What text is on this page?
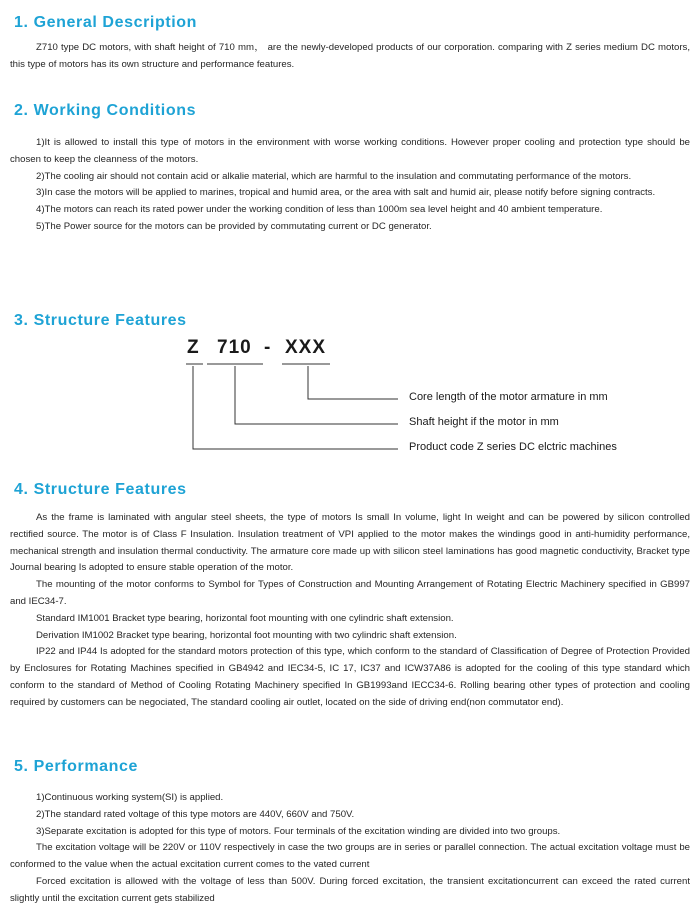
1. General Description

Z710 type DC motors, with shaft height of 710 mm， are the newly-developed products of our corporation. comparing with Z series medium DC motors, this type of motors has its own structure and performance features.

2. Working Conditions

1)It is allowed to install this type of motors in the environment with worse working conditions. However proper cooling and protection type should be chosen to keep the cleanness of the motors.

2)The cooling air should not contain acid or alkalie material, which are harmful to the insulation and commutating performance of the motors.

3)In case the motors will be applied to marines, tropical and humid area, or the area with salt and humid air, please notify before signing contracts.

4)The motors can reach its rated power under the working condition of less than 1000m sea level height and 40 ambient temperature.

5)The Power source for the motors can be provided by commutating current or DC generator.

3. Structure Features
Z 710 - XXX
Core length of the motor armature in mm
Shaft height if the motor in mm
Product code Z series DC elctric machines
4. Structure Features

As the frame is laminated with angular steel sheets, the type of motors Is small In volume, light In weight and can be powered by silicon controlled rectified source. The motor is of Class F Insulation. Insulation treatment of VPI applied to the motor makes the windings good in anti-humidity performance, mechanical strength and insulation thermal conductivity. The armature core made up with silicon steel laminations has good magnetic conductivity, Bracket type Journal bearing Is adopted to ensure stable operation of the motor.

The mounting of the motor conforms to Symbol for Types of Construction and Mounting Arrangement of Rotating Electric Machinery specified in GB997 and IEC34-7.

Standard IM1001 Bracket type bearing, horizontal foot mounting with one cylindric shaft extension.

Derivation IM1002 Bracket type bearing, horizontal foot mounting with two cylindric shaft extension.

IP22 and IP44 Is adopted for the standard motors protection of this type, which conform to the standard of Classification of Degree of Protection Provided by Enclosures for Rotating Machines specified in GB4942 and IEC34-5, IC 17, IC37 and ICW37A86 is adopted for the cooling of this type standard which conform to the standard of Method of Cooling Rotating Machinery specified In GB1993and IECC34-6. Rolling bearing other types of protection and cooling required by customers can be negociated, The standard cooling air outlet, located on the side of driving end(non commutator end).

5. Performance

1)Continuous working system(SI) is applied.

2)The standard rated voltage of this type motors are 440V, 660V and 750V.

3)Separate excitation is adopted for this type of motors. Four terminals of the excitation winding are divided into two groups.

The excitation voltage will be 220V or 110V respectively in case the two groups are in series or parallel connection. The actual excitation voltage must be conformed to the value when the actual excitation current comes to the vated current

Forced excitation is allowed with the voltage of less than 500V. During forced excitation, the transient excitationcurrent can exceed the rated current slightly until the excitation current gets stabilized
